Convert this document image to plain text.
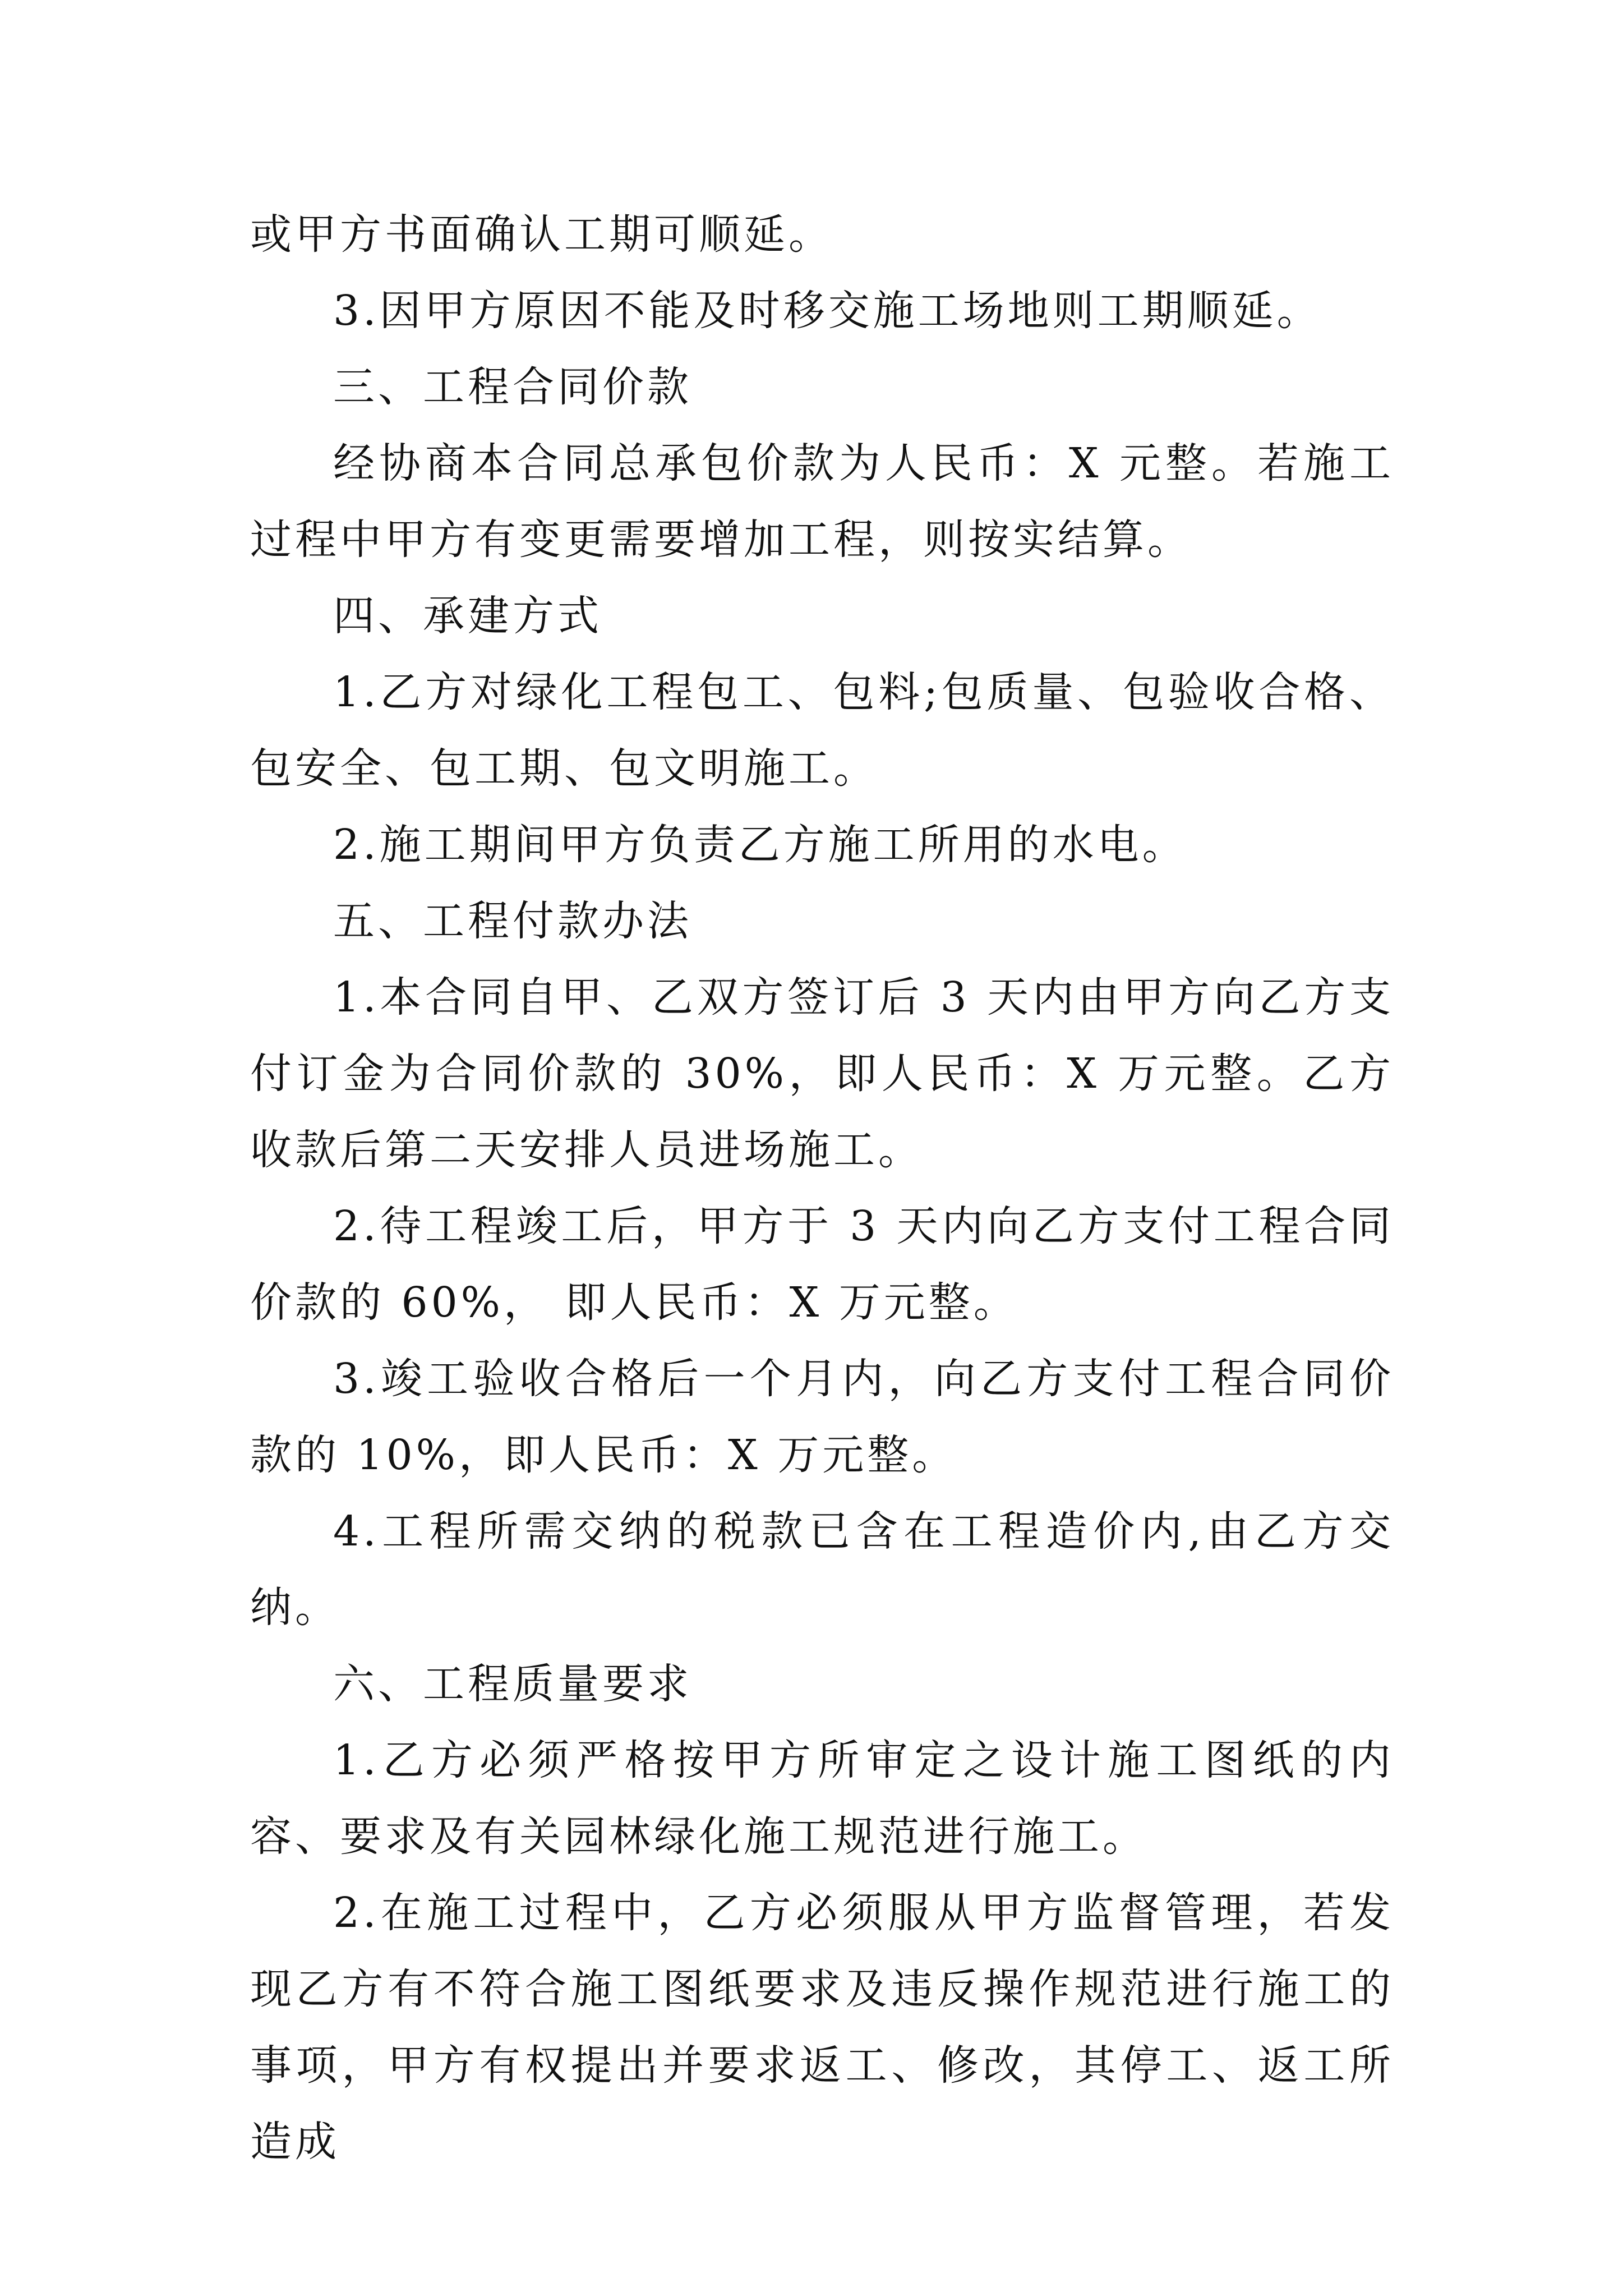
或甲方书面确认工期可顺延。

3.因甲方原因不能及时移交施工场地则工期顺延。

三、工程合同价款

经协商本合同总承包价款为人民币：X 元整。若施工过程中甲方有变更需要增加工程，则按实结算。

四、承建方式

1.乙方对绿化工程包工、包料;包质量、包验收合格、包安全、包工期、包文明施工。

2.施工期间甲方负责乙方施工所用的水电。

五、工程付款办法

1.本合同自甲、乙双方签订后 3 天内由甲方向乙方支付订金为合同价款的 30%，即人民币：X 万元整。乙方收款后第二天安排人员进场施工。

2.待工程竣工后，甲方于 3 天内向乙方支付工程合同价款的 60%， 即人民币：X 万元整。

3.竣工验收合格后一个月内，向乙方支付工程合同价款的 10%，即人民币：X 万元整。

4.工程所需交纳的税款已含在工程造价内,由乙方交纳。

六、工程质量要求

1.乙方必须严格按甲方所审定之设计施工图纸的内容、要求及有关园林绿化施工规范进行施工。

2.在施工过程中，乙方必须服从甲方监督管理，若发现乙方有不符合施工图纸要求及违反操作规范进行施工的事项，甲方有权提出并要求返工、修改，其停工、返工所造成
